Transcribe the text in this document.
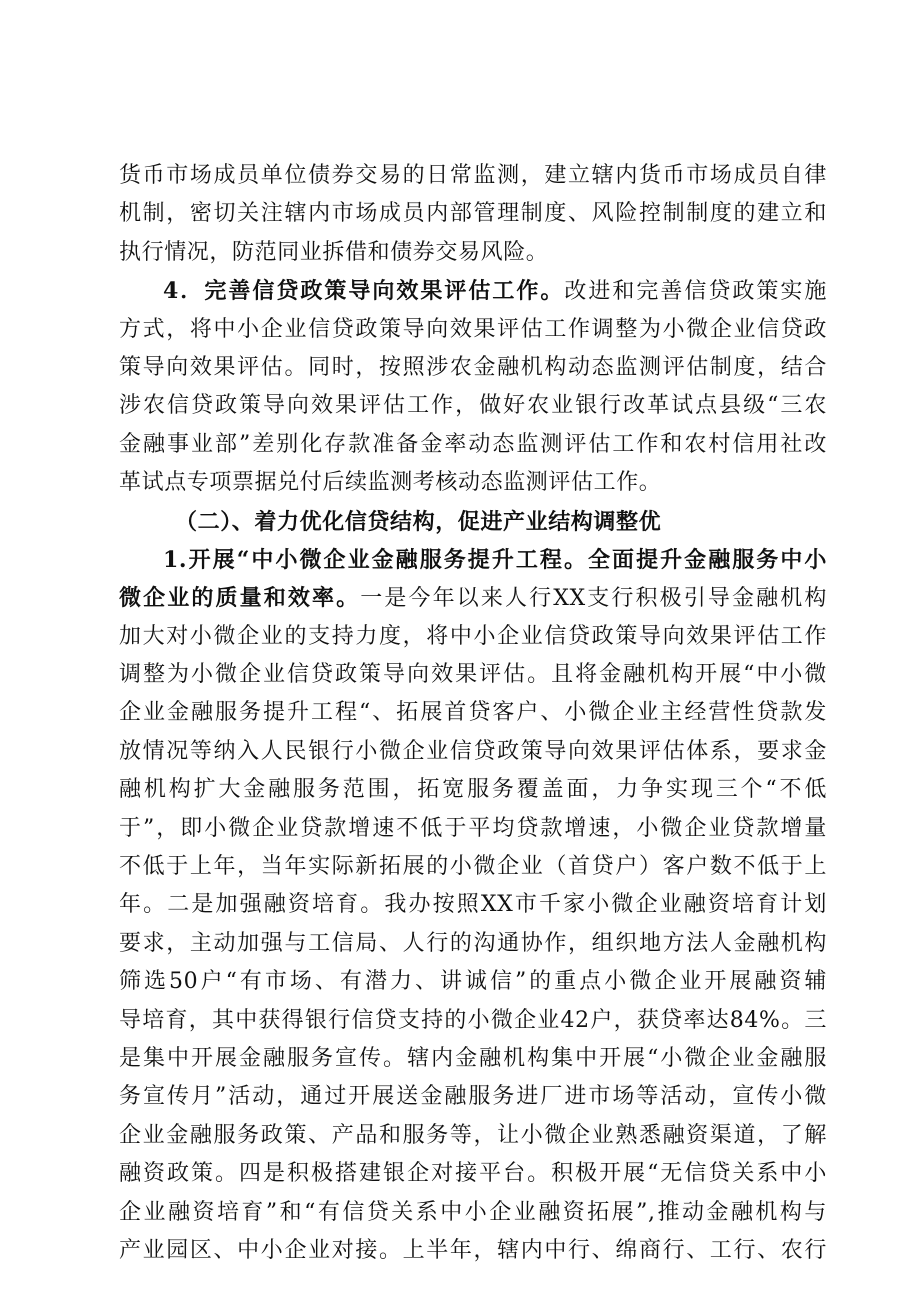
货币市场成员单位债券交易的日常监测，建立辖内货币市场成员自律
机制，密切关注辖内市场成员内部管理制度、风险控制制度的建立和
执行情况，防范同业拆借和债券交易风险。
4．完善信贷政策导向效果评估工作。改进和完善信贷政策实施
方式，将中小企业信贷政策导向效果评估工作调整为小微企业信贷政
策导向效果评估。同时，按照涉农金融机构动态监测评估制度，结合
涉农信贷政策导向效果评估工作，做好农业银行改革试点县级“三农
金融事业部”差别化存款准备金率动态监测评估工作和农村信用社改
革试点专项票据兑付后续监测考核动态监测评估工作。
（二）、着力优化信贷结构，促进产业结构调整优
1.开展“中小微企业金融服务提升工程。全面提升金融服务中小
微企业的质量和效率。一是今年以来人行XX支行积极引导金融机构
加大对小微企业的支持力度，将中小企业信贷政策导向效果评估工作
调整为小微企业信贷政策导向效果评估。且将金融机构开展“中小微
企业金融服务提升工程“、拓展首贷客户、小微企业主经营性贷款发
放情况等纳入人民银行小微企业信贷政策导向效果评估体系，要求金
融机构扩大金融服务范围，拓宽服务覆盖面，力争实现三个“不低
于”，即小微企业贷款增速不低于平均贷款增速，小微企业贷款增量
不低于上年，当年实际新拓展的小微企业（首贷户）客户数不低于上
年。二是加强融资培育。我办按照XX市千家小微企业融资培育计划
要求，主动加强与工信局、人行的沟通协作，组织地方法人金融机构
筛选50户“有市场、有潜力、讲诚信”的重点小微企业开展融资辅
导培育，其中获得银行信贷支持的小微企业42户，获贷率达84%。三
是集中开展金融服务宣传。辖内金融机构集中开展“小微企业金融服
务宣传月”活动，通过开展送金融服务进厂进市场等活动，宣传小微
企业金融服务政策、产品和服务等，让小微企业熟悉融资渠道，了解
融资政策。四是积极搭建银企对接平台。积极开展“无信贷关系中小
企业融资培育”和“有信贷关系中小企业融资拓展”,推动金融机构与
产业园区、中小企业对接。上半年，辖内中行、绵商行、工行、农行
